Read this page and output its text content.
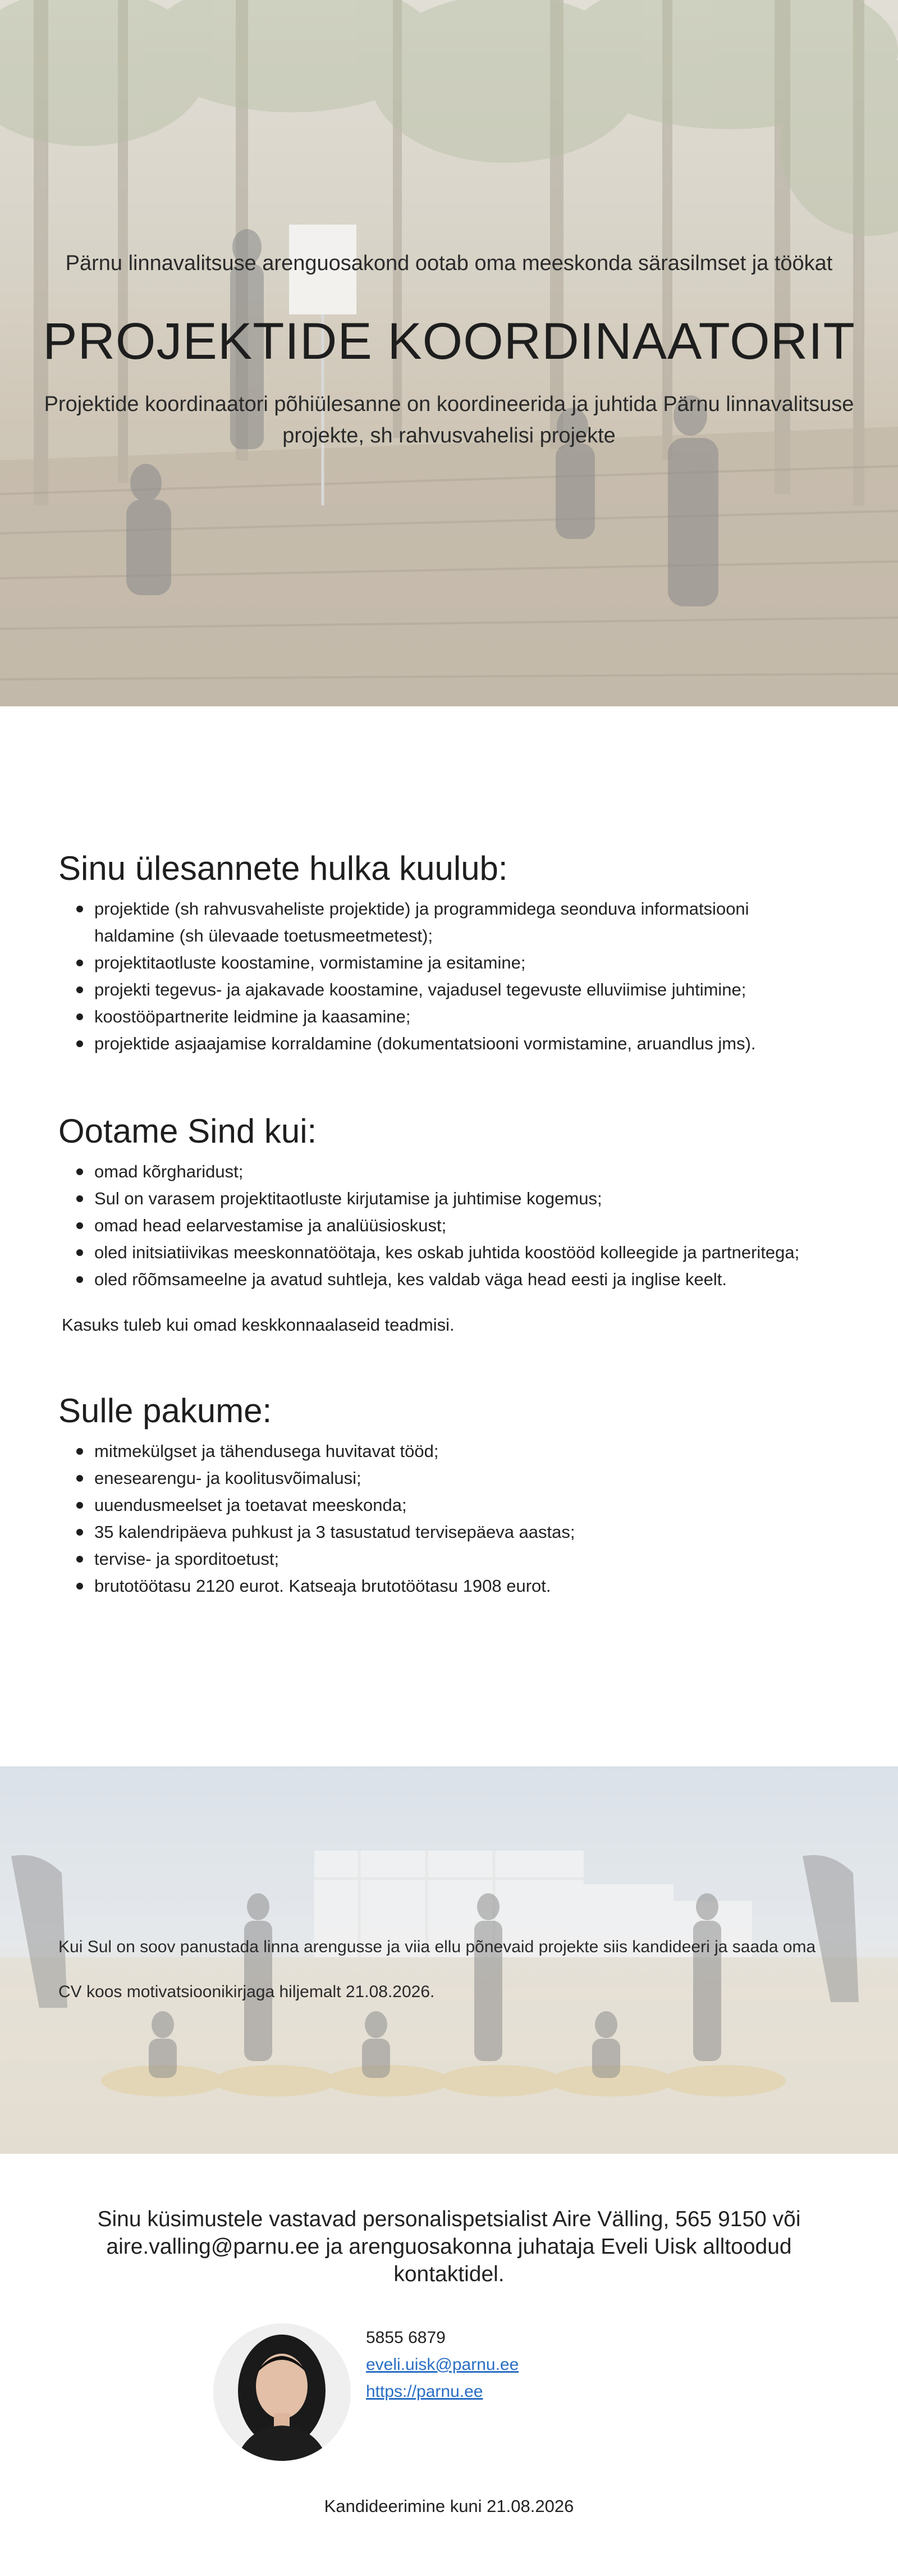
Pärnu linnavalitsuse arenguosakond ootab oma meeskonda särasilmset ja töökat
PROJEKTIDE KOORDINAATORIT
Projektide koordinaatori põhiülesanne on koordineerida ja juhtida Pärnu linnavalitsuse projekte, sh rahvusvahelisi projekte
Sinu ülesannete hulka kuulub:
projektide (sh rahvusvaheliste projektide) ja programmidega seonduva informatsiooni
haldamine (sh ülevaade toetusmeetmetest);
projektitaotluste koostamine, vormistamine ja esitamine;
projekti tegevus- ja ajakavade koostamine, vajadusel tegevuste elluviimise juhtimine;
koostööpartnerite leidmine ja kaasamine;
projektide asjaajamise korraldamine (dokumentatsiooni vormistamine, aruandlus jms).
Ootame Sind kui:
omad kõrgharidust;
Sul on varasem projektitaotluste kirjutamise ja juhtimise kogemus;
omad head eelarvestamise ja analüüsioskust;
oled initsiatiivikas meeskonnatöötaja, kes oskab juhtida koostööd kolleegide ja partneritega;
oled rõõmsameelne ja avatud suhtleja, kes valdab väga head eesti ja inglise keelt.
Kasuks tuleb kui omad keskkonnaalaseid teadmisi.
Sulle pakume:
mitmekülgset ja tähendusega huvitavat tööd;
enesearengu- ja koolitusvõimalusi;
uuendusmeelset ja toetavat meeskonda;
35 kalendripäeva puhkust ja 3 tasustatud tervisepäeva aastas;
tervise- ja sporditoetust;
brutotöötasu 2120 eurot. Katseaja brutotöötasu 1908 eurot.
Kui Sul on soov panustada linna arengusse ja viia ellu põnevaid projekte siis kandideeri ja saada oma
CV koos motivatsioonikirjaga hiljemalt 21.08.2026.
Sinu küsimustele vastavad personalispetsialist Aire Välling, 565 9150 või aire.valling@parnu.ee ja arenguosakonna juhataja Eveli Uisk alltoodud kontaktidel.
5855 6879
eveli.uisk@parnu.ee
https://parnu.ee
Kandideerimine kuni 21.08.2026
